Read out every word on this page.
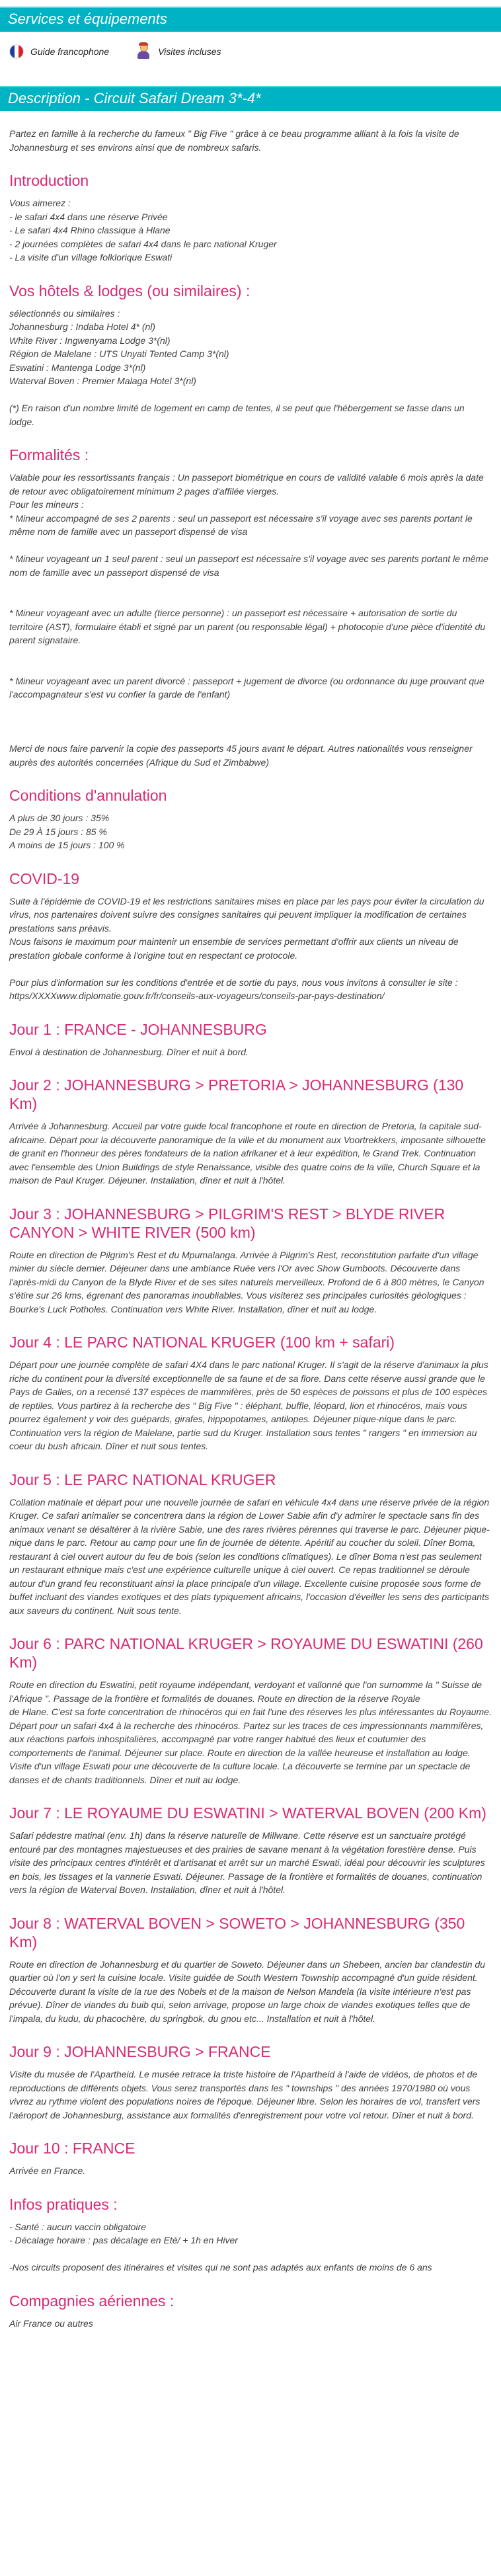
Services et équipements
Guide francophone	Visites incluses
Description - Circuit Safari Dream 3*-4*

Partez en famille à la recherche du fameux " Big Five " grâce à ce beau programme alliant à la fois la visite de Johannesburg et ses environs ainsi que de nombreux safaris.

Introduction

Vous aimerez :

- le safari 4x4 dans une réserve Privée

- Le safari 4x4 Rhino classique à Hlane

- 2 journées complètes de safari 4x4 dans le parc national Kruger

- La visite d'un village folklorique Eswati

Vos hôtels & lodges (ou similaires) :

sélectionnés ou similaires :

Johannesburg : Indaba Hotel 4* (nl)

White River : Ingwenyama Lodge 3*(nl)

Région de Malelane : UTS Unyati Tented Camp 3*(nl)

Eswatini : Mantenga Lodge 3*(nl)

Waterval Boven : Premier Malaga Hotel 3*(nl)

(*) En raison d'un nombre limité de logement en camp de tentes, il se peut que l'hébergement se fasse dans un lodge.

Formalités :

Valable pour les ressortissants français : Un passeport biométrique en cours de validité valable 6 mois après la date de retour avec obligatoirement minimum 2 pages d'affilée vierges.

Pour les mineurs :

* Mineur accompagné de ses 2 parents : seul un passeport est nécessaire s'il voyage avec ses parents portant le même nom de famille avec un passeport dispensé de visa

* Mineur voyageant un 1 seul parent : seul un passeport est nécessaire s'il voyage avec ses parents portant le même nom de famille avec un passeport dispensé de visa

* Mineur voyageant avec un adulte (tierce personne) : un passeport est nécessaire + autorisation de sortie du territoire (AST), formulaire établi et signé par un parent (ou responsable légal) + photocopie d'une pièce d'identité du parent signataire.

* Mineur voyageant avec un parent divorcé : passeport + jugement de divorce (ou ordonnance du juge prouvant que l'accompagnateur s'est vu confier la garde de l'enfant)

Merci de nous faire parvenir la copie des passeports 45 jours avant le départ. Autres nationalités vous renseigner auprès des autorités concernées (Afrique du Sud et Zimbabwe)

Conditions d'annulation

A plus de 30 jours : 35%

De 29 À 15 jours : 85 %

A moins de 15 jours : 100 %

COVID-19

Suite à l'épidémie de COVID-19 et les restrictions sanitaires mises en place par les pays pour éviter la circulation du virus, nos partenaires doivent suivre des consignes sanitaires qui peuvent impliquer la modification de certaines prestations sans préavis.
Nous faisons le maximum pour maintenir un ensemble de services permettant d'offrir aux clients un niveau de prestation globale conforme à l'origine tout en respectant ce protocole.

Pour plus d'information sur les conditions d'entrée et de sortie du pays, nous vous invitons à consulter le site : https/XXXXwww.diplomatie.gouv.fr/fr/conseils-aux-voyageurs/conseils-par-pays-destination/

Jour 1 : FRANCE - JOHANNESBURG

Envol à destination de Johannesburg. Dîner et nuit à bord.

Jour 2 : JOHANNESBURG > PRETORIA > JOHANNESBURG (130 Km)

Arrivée à Johannesburg. Accueil par votre guide local francophone et route en direction de Pretoria, la capitale sud-africaine. Départ pour la découverte panoramique de la ville et du monument aux Voortrekkers, imposante silhouette de granit en l'honneur des pères fondateurs de la nation afrikaner et à leur expédition, le Grand Trek. Continuation avec l'ensemble des Union Buildings de style Renaissance, visible des quatre coins de la ville, Church Square et la maison de Paul Kruger. Déjeuner. Installation, dîner et nuit à l'hôtel.

Jour 3 : JOHANNESBURG > PILGRIM'S REST > BLYDE RIVER CANYON > WHITE RIVER (500 km)

Route en direction de Pilgrim's Rest et du Mpumalanga. Arrivée à Pilgrim's Rest, reconstitution parfaite d'un village minier du siècle dernier. Déjeuner dans une ambiance Ruée vers l'Or avec Show Gumboots. Découverte dans l'après-midi du Canyon de la Blyde River et de ses sites naturels merveilleux. Profond de 6 à 800 mètres, le Canyon s'étire sur 26 kms, égrenant des panoramas inoubliables. Vous visiterez ses principales curiosités géologiques : Bourke's Luck Potholes. Continuation vers White River. Installation, dîner et nuit au lodge.

Jour 4 : LE PARC NATIONAL KRUGER (100 km + safari)

Départ pour une journée complète de safari 4X4 dans le parc national Kruger. Il s'agit de la réserve d'animaux la plus riche du continent pour la diversité exceptionnelle de sa faune et de sa flore. Dans cette réserve aussi grande que le Pays de Galles, on a recensé 137 espèces de mammifères, près de 50 espèces de poissons et plus de 100 espèces de reptiles. Vous partirez à la recherche des " Big Five " : éléphant, buffle, léopard, lion et rhinocéros, mais vous pourrez également y voir des guépards, girafes, hippopotames, antilopes. Déjeuner pique-nique dans le parc. Continuation vers la région de Malelane, partie sud du Kruger. Installation sous tentes " rangers " en immersion au coeur du bush africain. Dîner et nuit sous tentes.

Jour 5 : LE PARC NATIONAL KRUGER

Collation matinale et départ pour une nouvelle journée de safari en véhicule 4x4 dans une réserve privée de la région Kruger. Ce safari animalier se concentrera dans la région de Lower Sabie afin d'y admirer le spectacle sans fin des animaux venant se désaltérer à la rivière Sabie, une des rares rivières pérennes qui traverse le parc. Déjeuner pique-nique dans le parc. Retour au camp pour une fin de journée de détente. Apéritif au coucher du soleil. Dîner Boma, restaurant à ciel ouvert autour du feu de bois (selon les conditions climatiques). Le dîner Boma n'est pas seulement un restaurant ethnique mais c'est une expérience culturelle unique à ciel ouvert. Ce repas traditionnel se déroule autour d'un grand feu reconstituant ainsi la place principale d'un village. Excellente cuisine proposée sous forme de buffet incluant des viandes exotiques et des plats typiquement africains, l'occasion d'éveiller les sens des participants aux saveurs du continent. Nuit sous tente.

Jour 6 : PARC NATIONAL KRUGER > ROYAUME DU ESWATINI (260 Km)

Route en direction du Eswatini, petit royaume indépendant, verdoyant et vallonné que l'on surnomme la " Suisse de l'Afrique ". Passage de la frontière et formalités de douanes. Route en direction de la réserve Royale
de Hlane. C'est sa forte concentration de rhinocéros qui en fait l'une des réserves les plus intéressantes du Royaume. Départ pour un safari 4x4 à la recherche des rhinocéros. Partez sur les traces de ces impressionnants mammifères, aux réactions parfois inhospitalières, accompagné par votre ranger habitué des lieux et coutumier des comportements de l'animal. Déjeuner sur place. Route en direction de la vallée heureuse et installation au lodge. Visite d'un village Eswati pour une découverte de la culture locale. La découverte se termine par un spectacle de danses et de chants traditionnels. Dîner et nuit au lodge.

Jour 7 : LE ROYAUME DU ESWATINI > WATERVAL BOVEN (200 Km)

Safari pédestre matinal (env. 1h) dans la réserve naturelle de Millwane. Cette réserve est un sanctuaire protégé entouré par des montagnes majestueuses et des prairies de savane menant à la végétation forestière dense. Puis visite des principaux centres d'intérêt et d'artisanat et arrêt sur un marché Eswati, idéal pour découvrir les sculptures en bois, les tissages et la vannerie Eswati. Déjeuner. Passage de la frontière et formalités de douanes, continuation vers la région de Waterval Boven. Installation, dîner et nuit à l'hôtel.

Jour 8 : WATERVAL BOVEN > SOWETO > JOHANNESBURG (350 Km)

Route en direction de Johannesburg et du quartier de Soweto. Déjeuner dans un Shebeen, ancien bar clandestin du quartier où l'on y sert la cuisine locale. Visite guidée de South Western Township accompagné d'un guide résident. Découverte durant la visite de la rue des Nobels et de la maison de Nelson Mandela (la visite intérieure n'est pas prévue). Dîner de viandes du buib qui, selon arrivage, propose un large choix de viandes exotiques telles que de l'impala, du kudu, du phacochère, du springbok, du gnou etc... Installation et nuit à l'hôtel.

Jour 9 : JOHANNESBURG > FRANCE

Visite du musée de l'Apartheid. Le musée retrace la triste histoire de l'Apartheid à l'aide de vidéos, de photos et de reproductions de différents objets. Vous serez transportés dans les " townships " des années 1970/1980 où vous vivrez au rythme violent des populations noires de l'époque. Déjeuner libre. Selon les horaires de vol, transfert vers l'aéroport de Johannesburg, assistance aux formalités d'enregistrement pour votre vol retour. Dîner et nuit à bord.

Jour 10 : FRANCE

Arrivée en France.

Infos pratiques :

- Santé : aucun vaccin obligatoire

- Décalage horaire : pas décalage en Eté/ + 1h en Hiver

-Nos circuits proposent des itinéraires et visites qui ne sont pas adaptés aux enfants de moins de 6 ans

Compagnies aériennes :

Air France ou autres
